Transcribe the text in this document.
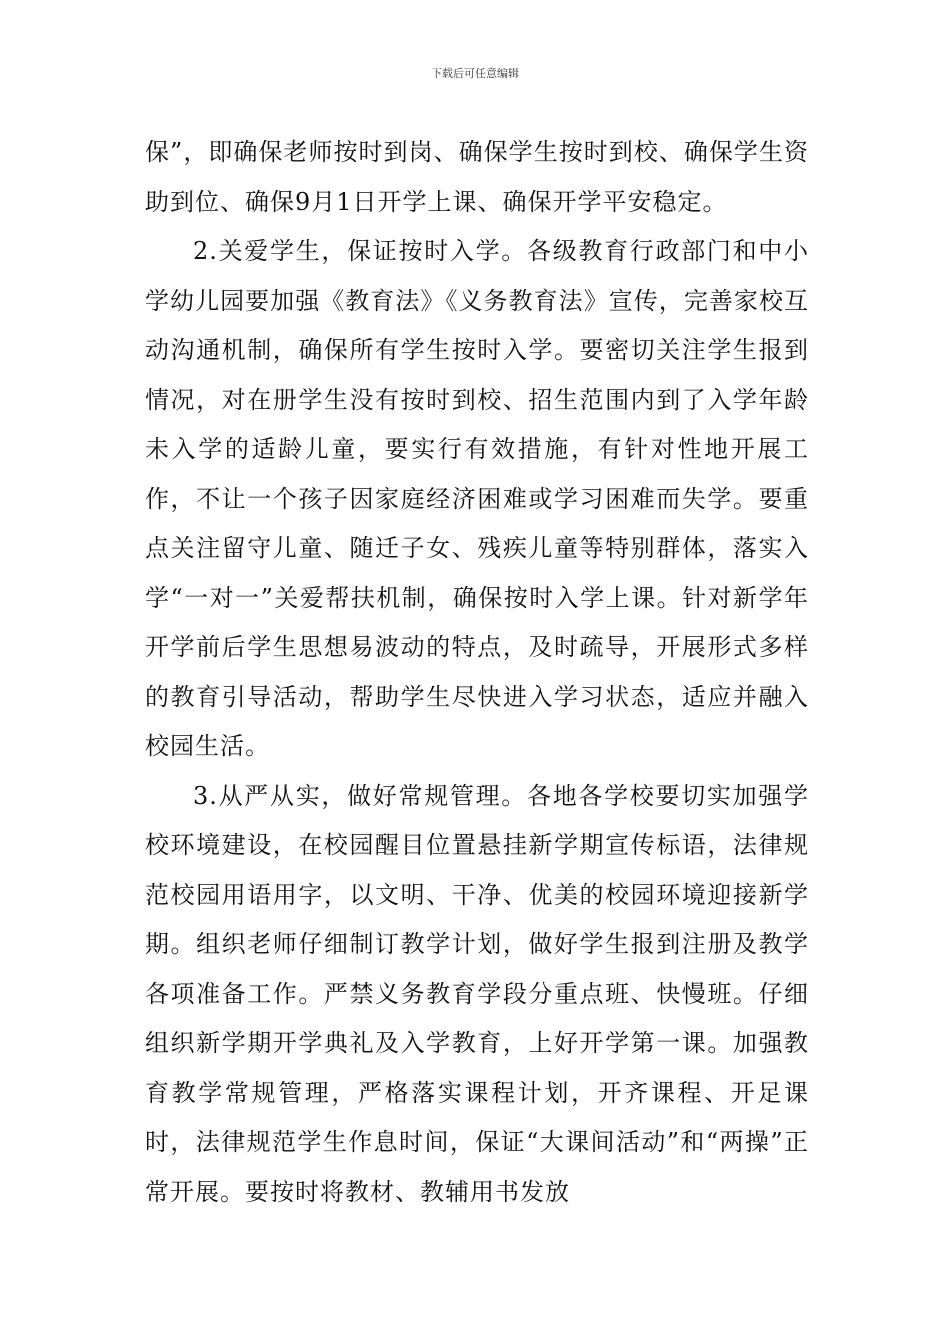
下载后可任意编辑

保”，即确保老师按时到岗、确保学生按时到校、确保学生资助到位、确保9月1日开学上课、确保开学平安稳定。

2.关爱学生，保证按时入学。各级教育行政部门和中小学幼儿园要加强《教育法》《义务教育法》宣传，完善家校互动沟通机制，确保所有学生按时入学。要密切关注学生报到情况，对在册学生没有按时到校、招生范围内到了入学年龄未入学的适龄儿童，要实行有效措施，有针对性地开展工作，不让一个孩子因家庭经济困难或学习困难而失学。要重点关注留守儿童、随迁子女、残疾儿童等特别群体，落实入学“一对一”关爱帮扶机制，确保按时入学上课。针对新学年开学前后学生思想易波动的特点，及时疏导，开展形式多样的教育引导活动，帮助学生尽快进入学习状态，适应并融入校园生活。

3.从严从实，做好常规管理。各地各学校要切实加强学校环境建设，在校园醒目位置悬挂新学期宣传标语，法律规范校园用语用字，以文明、干净、优美的校园环境迎接新学期。组织老师仔细制订教学计划，做好学生报到注册及教学各项准备工作。严禁义务教育学段分重点班、快慢班。仔细组织新学期开学典礼及入学教育，上好开学第一课。加强教育教学常规管理，严格落实课程计划，开齐课程、开足课时，法律规范学生作息时间，保证“大课间活动”和“两操”正常开展。要按时将教材、教辅用书发放
